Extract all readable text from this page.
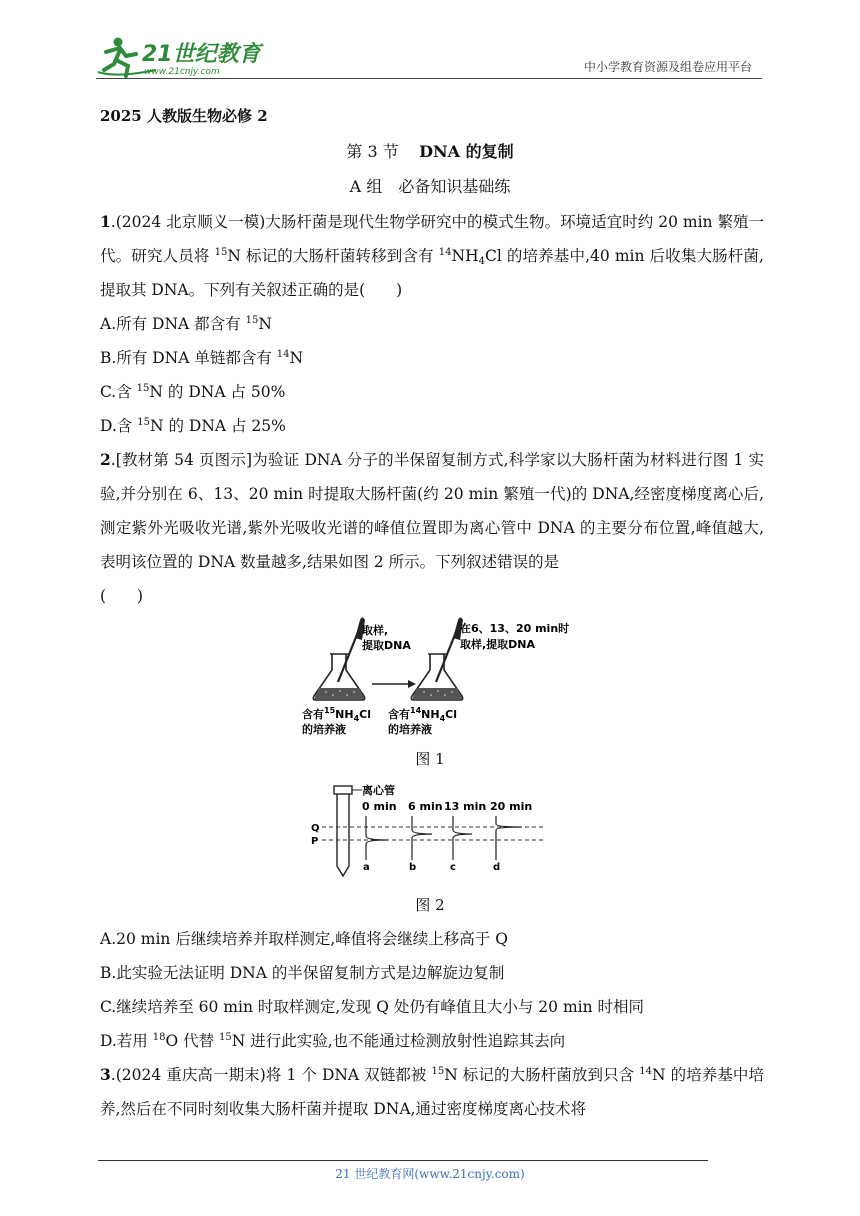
21世纪教育
www.21cnjy.com	中小学教育资源及组卷应用平台
2025 人教版生物必修 2
第 3 节 DNA 的复制
A 组　必备知识基础练

1.(2024 北京顺义一模)大肠杆菌是现代生物学研究中的模式生物。环境适宜时约 20 min 繁殖一代。研究人员将 $^{15}$N 标记的大肠杆菌转移到含有 $^{14}NH_4Cl$ 的培养基中,40 min 后收集大肠杆菌,提取其 DNA。下列有关叙述正确的是(　　)

A.所有 DNA 都含有 $^{15}$N

B.所有 DNA 单链都含有 $^{14}$N

C.含 $^{15}$N 的 DNA 占 50%

D.含 $^{15}$N 的 DNA 占 25%

2.[教材第 54 页图示]为验证 DNA 分子的半保留复制方式,科学家以大肠杆菌为材料进行图 1 实验,并分别在 6、13、20 min 时提取大肠杆菌(约 20 min 繁殖一代)的 DNA,经密度梯度离心后,测定紫外光吸收光谱,紫外光吸收光谱的峰值位置即为离心管中 DNA 的主要分布位置,峰值越大,表明该位置的 DNA 数量越多,结果如图 2 所示。下列叙述错误的是

(　　)

取样,
提取DNA
在6、13、20 min时
取样,提取DNA
含有$^{15}NH_4Cl$
的培养液
含有$^{14}NH_4Cl$
的培养液
图 1
离心管
Q
P
0 min 6 min 13 min 20 min
a	b	c	d
图 2

A.20 min 后继续培养并取样测定,峰值将会继续上移高于 Q

B.此实验无法证明 DNA 的半保留复制方式是边解旋边复制

C.继续培养至 60 min 时取样测定,发现 Q 处仍有峰值且大小与 20 min 时相同

D.若用 $^{18}$O 代替 $^{15}$N 进行此实验,也不能通过检测放射性追踪其去向

3.(2024 重庆高一期末)将 1 个 DNA 双链都被 $^{15}$N 标记的大肠杆菌放到只含 $^{14}$N 的培养基中培养,然后在不同时刻收集大肠杆菌并提取 DNA,通过密度梯度离心技术将

21 世纪教育网(www.21cnjy.com)
